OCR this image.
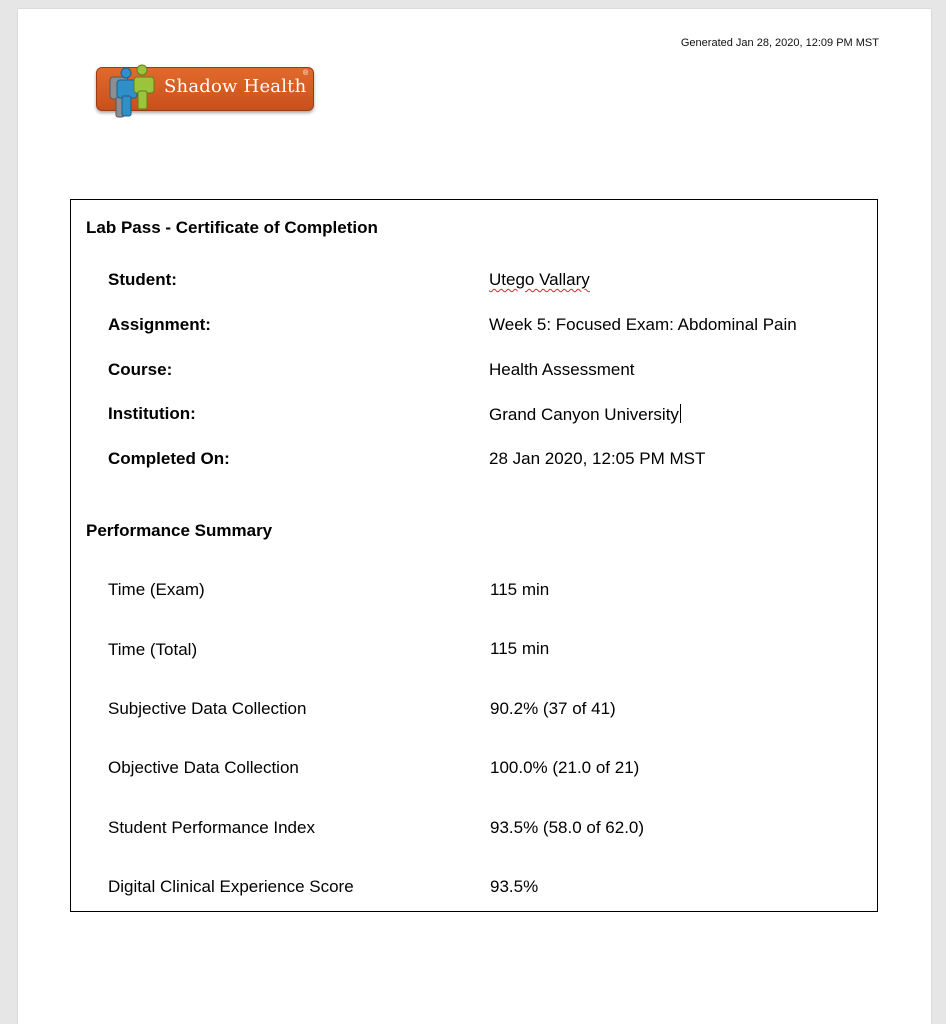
Generated Jan 28, 2020, 12:09 PM MST
Shadow Health
®
Lab Pass - Certificate of Completion
Student:	Utego Vallary
Assignment:	Week 5: Focused Exam: Abdominal Pain
Course:	Health Assessment
Institution:	Grand Canyon University
Completed On:	28 Jan 2020, 12:05 PM MST
Performance Summary
Time (Exam)	115 min
Time (Total)	115 min
Subjective Data Collection	90.2% (37 of 41)
Objective Data Collection	100.0% (21.0 of 21)
Student Performance Index	93.5% (58.0 of 62.0)
Digital Clinical Experience Score	93.5%
